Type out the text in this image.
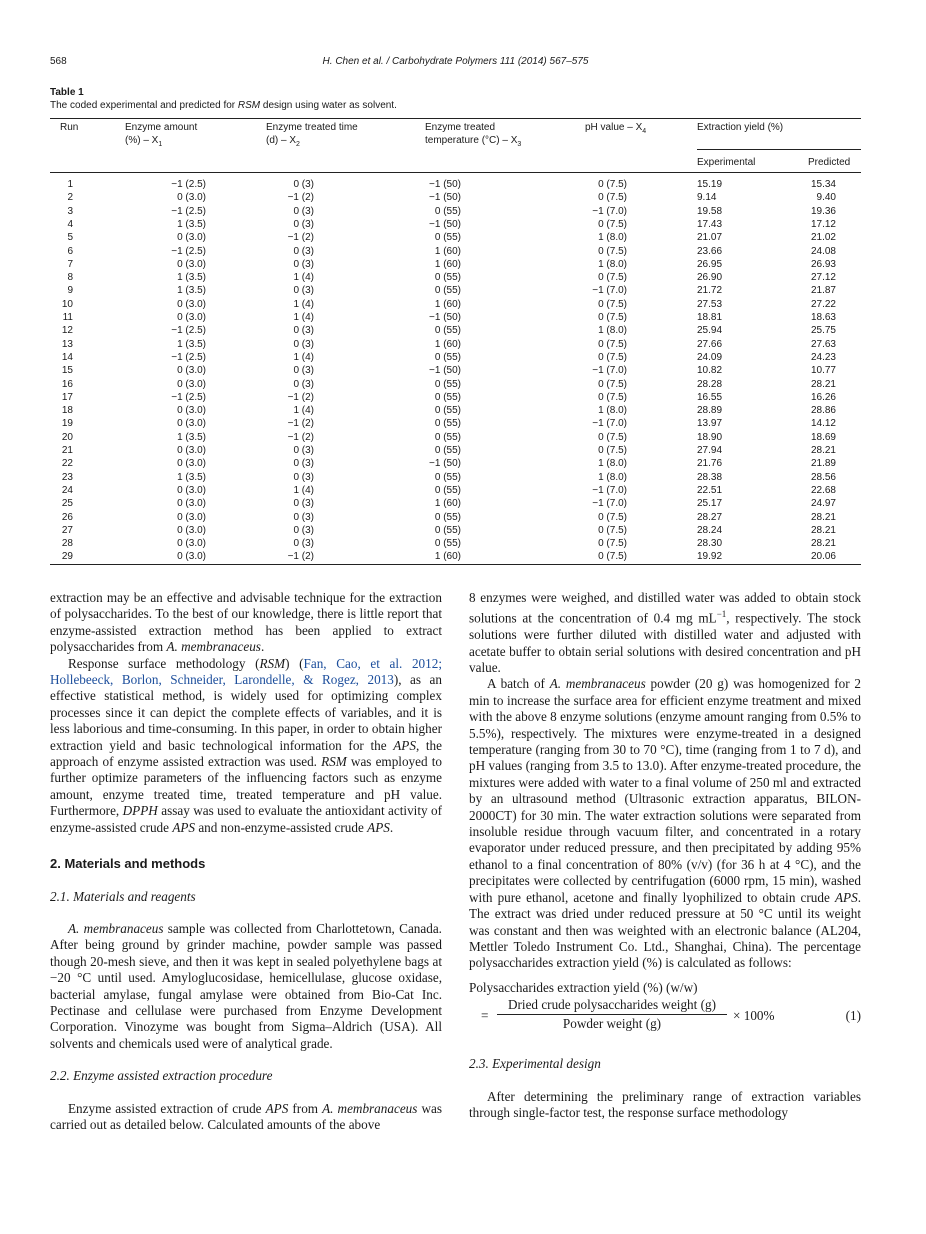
568	H. Chen et al. / Carbohydrate Polymers 111 (2014) 567–575
Table 1
The coded experimental and predicted for RSM design using water as solvent.
Run	Enzyme amount
(%) – $X_1$
Enzyme treated time
$(d) - X_2$
Enzyme treated
temperature $(^\circ C) - X_3$
pH value – $X_4$	Extraction yield (%)
Experimental	Predicted
1	−1 (2.5)	0 (3)	−1 (50)	0 (7.5)	15.19	15.34
2	0 (3.0)	−1 (2)	−1 (50)	0 (7.5)	9.14	9.40
3	−1 (2.5)	0 (3)	0 (55)	−1 (7.0)	19.58	19.36
4	1 (3.5)	0 (3)	−1 (50)	0 (7.5)	17.43	17.12
5	0 (3.0)	−1 (2)	0 (55)	1 (8.0)	21.07	21.02
6	−1 (2.5)	0 (3)	1 (60)	0 (7.5)	23.66	24.08
7	0 (3.0)	0 (3)	1 (60)	1 (8.0)	26.95	26.93
8	1 (3.5)	1 (4)	0 (55)	0 (7.5)	26.90	27.12
9	1 (3.5)	0 (3)	0 (55)	−1 (7.0)	21.72	21.87
10	0 (3.0)	1 (4)	1 (60)	0 (7.5)	27.53	27.22
11	0 (3.0)	1 (4)	−1 (50)	0 (7.5)	18.81	18.63
12	−1 (2.5)	0 (3)	0 (55)	1 (8.0)	25.94	25.75
13	1 (3.5)	0 (3)	1 (60)	0 (7.5)	27.66	27.63
14	−1 (2.5)	1 (4)	0 (55)	0 (7.5)	24.09	24.23
15	0 (3.0)	0 (3)	−1 (50)	−1 (7.0)	10.82	10.77
16	0 (3.0)	0 (3)	0 (55)	0 (7.5)	28.28	28.21
17	−1 (2.5)	−1 (2)	0 (55)	0 (7.5)	16.55	16.26
18	0 (3.0)	1 (4)	0 (55)	1 (8.0)	28.89	28.86
19	0 (3.0)	−1 (2)	0 (55)	−1 (7.0)	13.97	14.12
20	1 (3.5)	−1 (2)	0 (55)	0 (7.5)	18.90	18.69
21	0 (3.0)	0 (3)	0 (55)	0 (7.5)	27.94	28.21
22	0 (3.0)	0 (3)	−1 (50)	1 (8.0)	21.76	21.89
23	1 (3.5)	0 (3)	0 (55)	1 (8.0)	28.38	28.56
24	0 (3.0)	1 (4)	0 (55)	−1 (7.0)	22.51	22.68
25	0 (3.0)	0 (3)	1 (60)	−1 (7.0)	25.17	24.97
26	0 (3.0)	0 (3)	0 (55)	0 (7.5)	28.27	28.21
27	0 (3.0)	0 (3)	0 (55)	0 (7.5)	28.24	28.21
28	0 (3.0)	0 (3)	0 (55)	0 (7.5)	28.30	28.21
29	0 (3.0)	−1 (2)	1 (60)	0 (7.5)	19.92	20.06

extraction may be an effective and advisable technique for the extraction of polysaccharides. To the best of our knowledge, there is little report that enzyme-assisted extraction method has been applied to extract polysaccharides from A. membranaceus.

Response surface methodology (RSM) (Fan, Cao, et al. 2012; Hollebeeck, Borlon, Schneider, Larondelle, & Rogez, 2013), as an effective statistical method, is widely used for optimizing complex processes since it can depict the complete effects of variables, and it is less laborious and time-consuming. In this paper, in order to obtain higher extraction yield and basic technological information for the APS, the approach of enzyme assisted extraction was used. RSM was employed to further optimize parameters of the influencing factors such as enzyme amount, enzyme treated time, treated temperature and pH value. Furthermore, DPPH assay was used to evaluate the antioxidant activity of enzyme-assisted crude APS and non-enzyme-assisted crude APS.

2. Materials and methods

2.1. Materials and reagents

A. membranaceus sample was collected from Charlottetown, Canada. After being ground by grinder machine, powder sample was passed though 20-mesh sieve, and then it was kept in sealed polyethylene bags at −20 °C until used. Amyloglucosidase, hemicellulase, glucose oxidase, bacterial amylase, fungal amylase were obtained from Bio-Cat Inc. Pectinase and cellulase were purchased from Enzyme Development Corporation. Vinozyme was bought from Sigma–Aldrich (USA). All solvents and chemicals used were of analytical grade.

2.2. Enzyme assisted extraction procedure

Enzyme assisted extraction of crude APS from A. membranaceus was carried out as detailed below. Calculated amounts of the above

8 enzymes were weighed, and distilled water was added to obtain stock solutions at the concentration of 0.4 mg $mL^{-1}$, respectively. The stock solutions were further diluted with distilled water and adjusted with acetate buffer to obtain serial solutions with desired concentration and pH value.

A batch of A. membranaceus powder (20 g) was homogenized for 2 min to increase the surface area for efficient enzyme treatment and mixed with the above 8 enzyme solutions (enzyme amount ranging from 0.5% to 5.5%), respectively. The mixtures were enzyme-treated in a designed temperature (ranging from 30 to 70 °C), time (ranging from 1 to 7 d), and pH values (ranging from 3.5 to 13.0). After enzyme-treated procedure, the mixtures were added with water to a final volume of 250 ml and extracted by an ultrasound method (Ultrasonic extraction apparatus, BILON-2000CT) for 30 min. The water extraction solutions were separated from insoluble residue through vacuum filter, and concentrated in a rotary evaporator under reduced pressure, and then precipitated by adding 95% ethanol to a final concentration of 80% (v/v) (for 36 h at 4 °C), and the precipitates were collected by centrifugation (6000 rpm, 15 min), washed with pure ethanol, acetone and finally lyophilized to obtain crude APS. The extract was dried under reduced pressure at 50 °C until its weight was constant and then was weighted with an electronic balance (AL204, Mettler Toledo Instrument Co. Ltd., Shanghai, China). The percentage polysaccharides extraction yield (%) is calculated as follows:

Polysaccharides extraction yield (%) (w/w)

=
Dried crude polysaccharides weight (g)
Powder weight (g)
× 100%	(1)

2.3. Experimental design

After determining the preliminary range of extraction variables through single-factor test, the response surface methodology
